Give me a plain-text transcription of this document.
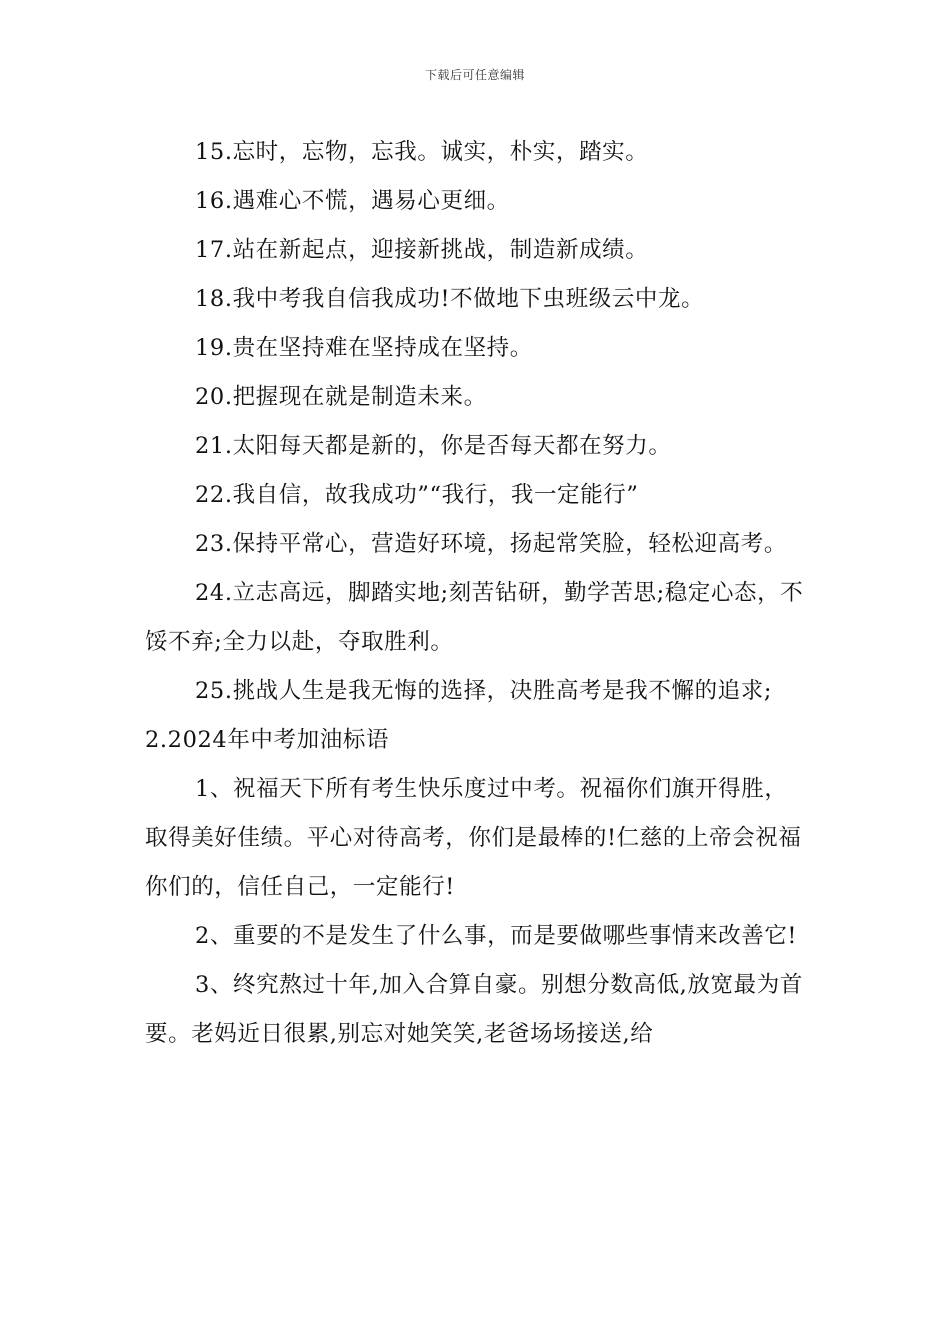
下载后可任意编辑

15.忘时，忘物，忘我。诚实，朴实，踏实。

16.遇难心不慌，遇易心更细。

17.站在新起点，迎接新挑战，制造新成绩。

18.我中考我自信我成功!不做地下虫班级云中龙。

19.贵在坚持难在坚持成在坚持。

20.把握现在就是制造未来。

21.太阳每天都是新的，你是否每天都在努力。

22.我自信，故我成功”“我行，我一定能行”

23.保持平常心，营造好环境，扬起常笑脸，轻松迎高考。

24.立志高远，脚踏实地;刻苦钻研，勤学苦思;稳定心态，不馁不弃;全力以赴，夺取胜利。

25.挑战人生是我无悔的选择，决胜高考是我不懈的追求;

2.2024年中考加油标语

1、祝福天下所有考生快乐度过中考。祝福你们旗开得胜，取得美好佳绩。平心对待高考，你们是最棒的!仁慈的上帝会祝福你们的，信任自己，一定能行!

2、重要的不是发生了什么事，而是要做哪些事情来改善它!

3、终究熬过十年,加入合算自豪。别想分数高低,放宽最为首要。老妈近日很累,别忘对她笑笑,老爸场场接送,给
